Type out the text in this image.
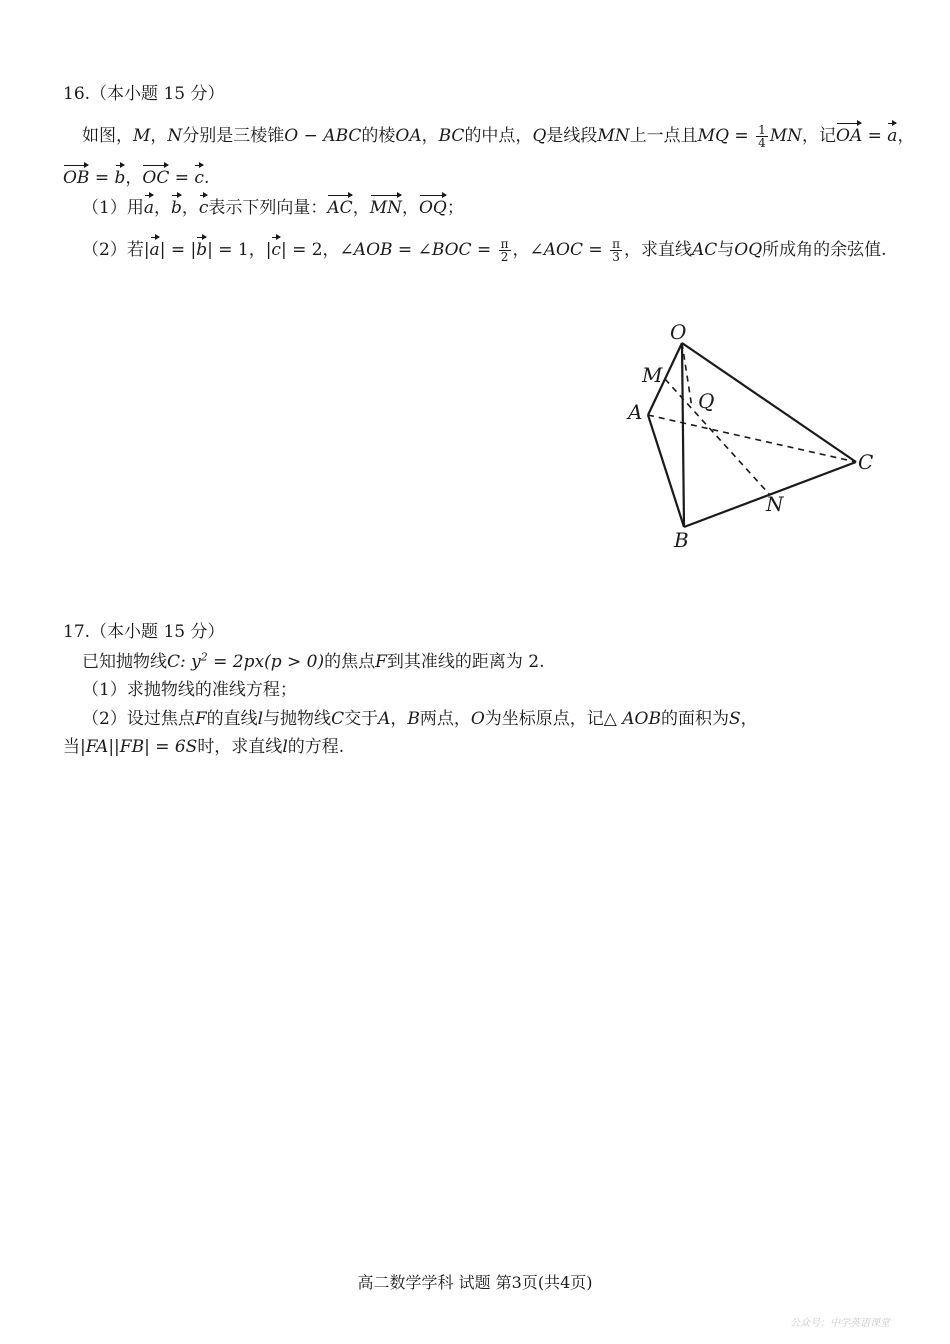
16.（本小题 15 分）
如图，M，N分别是三棱锥O − ABC的棱OA，BC的中点，Q是线段MN上一点且MQ = $\frac{1}{4}$ MN，记OA = a，
OB = b，OC = c.
（1）用a，b，c表示下列向量：AC，MN，OQ；
（2）若|a| = |b| = 1，|c| = 2，∠AOB = ∠BOC = $\frac{\pi}{2}$ ，∠AOC = $\frac{\pi}{3}$ ，求直线AC与OQ所成角的余弦值.
O
M
Q
A
C
N
B
17.（本小题 15 分）
已知抛物线C: $y^2 = 2px(p > 0)$的焦点F到其准线的距离为 2.
（1）求抛物线的准线方程；
（2）设过焦点F的直线l与抛物线C交于A，B两点，O为坐标原点，记△ AOB的面积为S，
当|FA||FB| = 6S时，求直线l的方程.
高二数学学科 试题 第3页(共4页)
公众号：中学英语课堂
